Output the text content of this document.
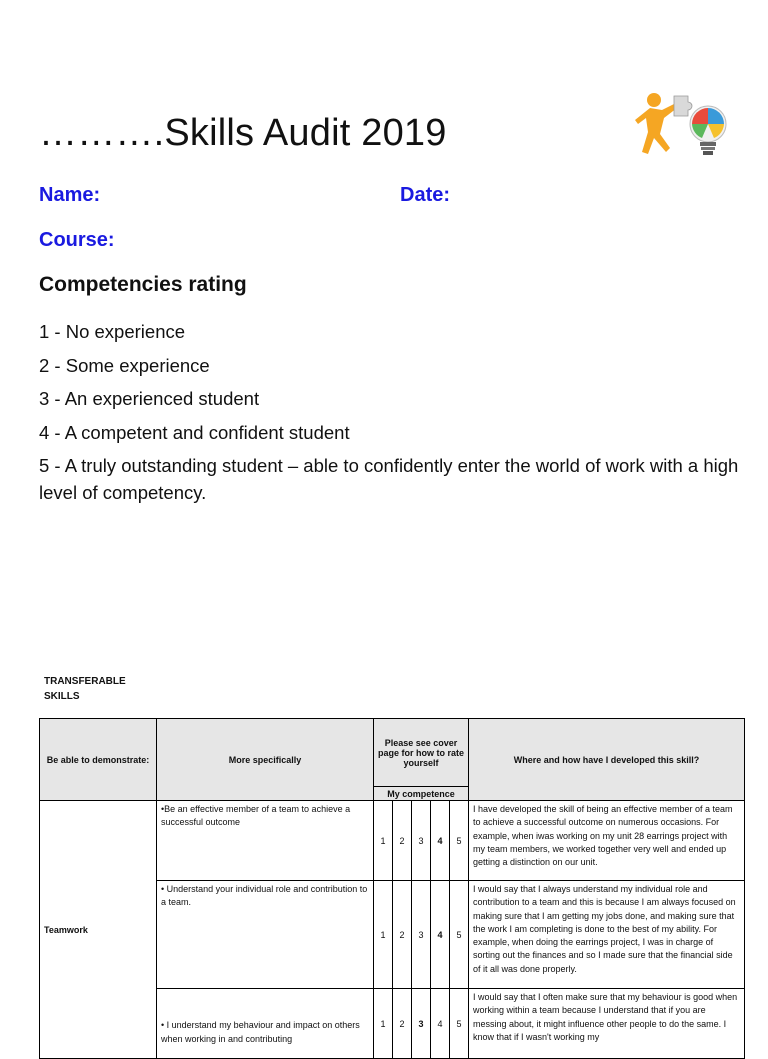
……….Skills Audit 2019
Name:	Date:
Course:
Competencies rating
1 - No experience
2 - Some experience
3 - An experienced student
4 - A competent and confident student
5 - A truly outstanding student – able to confidently enter the world of work with a high level of competency.
TRANSFERABLE SKILLS
Be able to demonstrate:	More specifically	Please see cover page for how to rate yourself					Where and how have I developed this skill?
		My competence					
Teamwork	•Be an effective member of a team to achieve a successful outcome	1	2	3	4	5	I have developed the skill of being an effective member of a team to achieve a successful outcome on numerous occasions. For example, when iwas working on my unit 28 earrings project with my team members, we worked together very well and ended up getting a distinction on our unit.
	• Understand your individual role and contribution to a team.	1	2	3	4	5	I would say that I always understand my individual role and contribution to a team and this is because I am always focused on making sure that I am getting my jobs done, and making sure that the work I am completing is done to the best of my ability. For example, when doing the earrings project, I was in charge of sorting out the finances and so I made sure that the financial side of it all was done properly.
	• I understand my behaviour and impact on others when working in and contributing	1	2	3	4	5	I would say that I often make sure that my behaviour is good when working within a team because I understand that if you are messing about, it might influence other people to do the same. I know that if I wasn't working my
